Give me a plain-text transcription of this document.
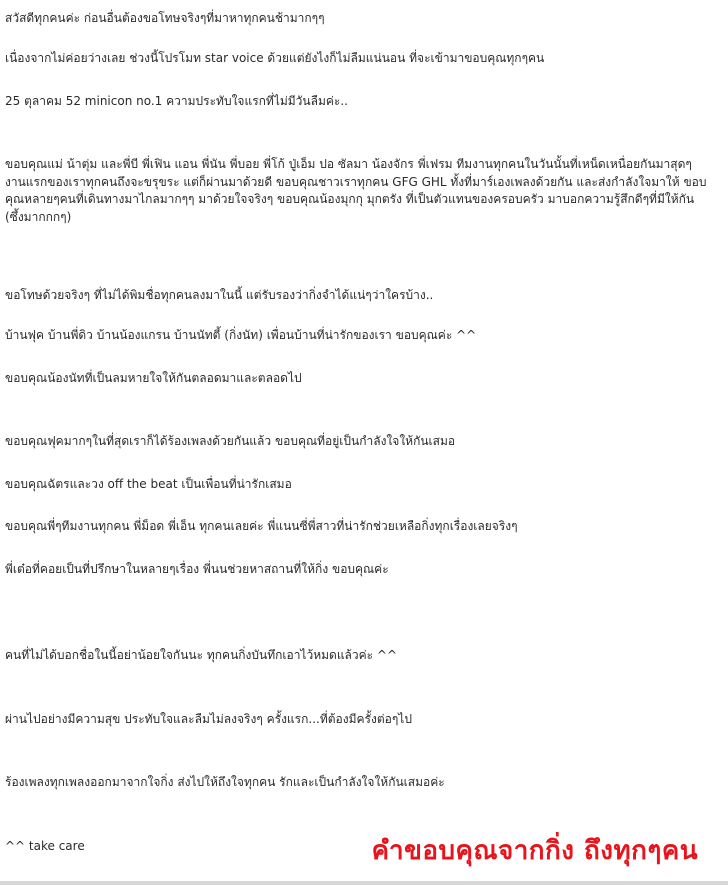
สวัสดีทุกคนค่ะ ก่อนอื่นต้องขอโทษจริงๆที่มาหาทุกคนช้ามากๆๆ

เนื่องจากไม่ค่อยว่างเลย ช่วงนี้โปรโมท star voice ด้วยแต่ยังไงก็ไม่ลืมแน่นอน ที่จะเข้ามาขอบคุณทุกๆคน

25 ตุลาคม 52 minicon no.1 ความประทับใจแรกที่ไม่มีวันลืมค่ะ..

ขอบคุณแม่ น้าตุ่ม และพี่บี พี่เฟิน แอน พี่นัน พี่บอย พี่โก้ ปู่เอ็ม ปอ ซัลมา น้องจักร พี่เฟรม ทีมงานทุกคนในวันนั้นที่เหน็ดเหนื่อยกันมาสุดๆ
งานแรกของเราทุกคนถึงจะขรุขระ แต่ก็ผ่านมาด้วยดี ขอบคุณชาวเราทุกคน GFG GHL ทั้งที่มาร์เองเพลงด้วยกัน และส่งกำลังใจมาให้ ขอบ
คุณหลายๆคนที่เดินทางมาไกลมากๆๆ มาด้วยใจจริงๆ ขอบคุณน้องมุกกุ มุกตรัง ที่เป็นตัวแทนของครอบครัว มาบอกความรู้สึกดีๆที่มีให้กัน
(ซึ้งมากกกๆ)

ขอโทษด้วยจริงๆ ที่ไม่ได้พิมชื่อทุกคนลงมาในนี้ แต่รับรองว่ากิ่งจำได้แน่ๆว่าใครบ้าง..

บ้านฟุค บ้านพี่ดิว บ้านน้องแกรน บ้านนัทตี้ (กิ่งนัท) เพื่อนบ้านที่น่ารักของเรา ขอบคุณค่ะ ^^

ขอบคุณน้องนัทที่เป็นลมหายใจให้กันตลอดมาและตลอดไป

ขอบคุณฟุคมากๆในที่สุดเราก็ได้ร้องเพลงด้วยกันแล้ว ขอบคุณที่อยู่เป็นกำลังใจให้กันเสมอ

ขอบคุณฉัตรและวง off the beat เป็นเพื่อนที่น่ารักเสมอ

ขอบคุณพี่ๆทีมงานทุกคน พี่ม็อด พี่เอ็น ทุกคนเลยค่ะ พี่แนนซี่พี่สาวที่น่ารักช่วยเหลือกิ่งทุกเรื่องเลยจริงๆ

พี่เต๋อที่คอยเป็นที่ปรึกษาในหลายๆเรื่อง พี่นนช่วยหาสถานที่ให้กิ่ง ขอบคุณค่ะ

คนที่ไม่ได้บอกชื่อในนี้อย่าน้อยใจกันนะ ทุกคนกิ่งบันทึกเอาไว้หมดแล้วค่ะ ^^

ผ่านไปอย่างมีความสุข ประทับใจและลืมไม่ลงจริงๆ ครั้งแรก...ที่ต้องมีครั้งต่อๆไป

ร้องเพลงทุกเพลงออกมาจากใจกิ่ง ส่งไปให้ถึงใจทุกคน รักและเป็นกำลังใจให้กันเสมอค่ะ

^^ take care	คำขอบคุณจากกิ่ง ถึงทุกๆคน
